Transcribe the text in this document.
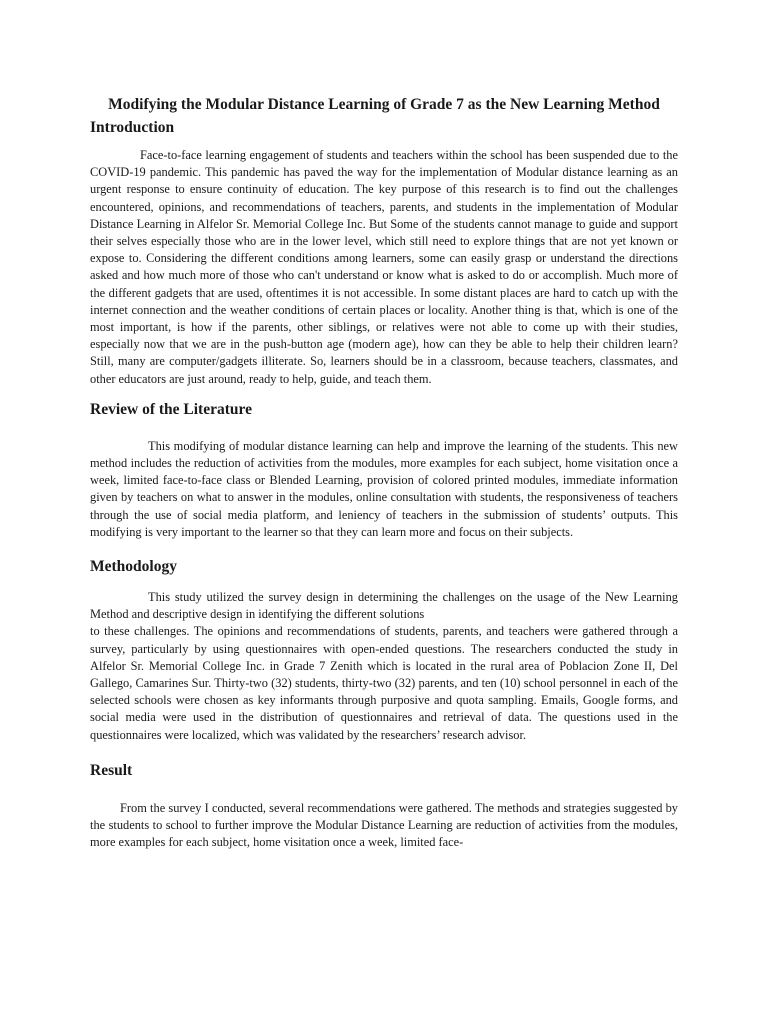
Modifying the Modular Distance Learning of Grade 7 as the New Learning Method
Introduction

Face-to-face learning engagement of students and teachers within the school has been suspended due to the COVID-19 pandemic. This pandemic has paved the way for the implementation of Modular distance learning as an urgent response to ensure continuity of education. The key purpose of this research is to find out the challenges encountered, opinions, and recommendations of teachers, parents, and students in the implementation of Modular Distance Learning in Alfelor Sr. Memorial College Inc. But Some of the students cannot manage to guide and support their selves especially those who are in the lower level, which still need to explore things that are not yet known or expose to. Considering the different conditions among learners, some can easily grasp or understand the directions asked and how much more of those who can't understand or know what is asked to do or accomplish. Much more of the different gadgets that are used, oftentimes it is not accessible. In some distant places are hard to catch up with the internet connection and the weather conditions of certain places or locality. Another thing is that, which is one of the most important, is how if the parents, other siblings, or relatives were not able to come up with their studies, especially now that we are in the push-button age (modern age), how can they be able to help their children learn? Still, many are computer/gadgets illiterate. So, learners should be in a classroom, because teachers, classmates, and other educators are just around, ready to help, guide, and teach them.

Review of the Literature

This modifying of modular distance learning can help and improve the learning of the students. This new method includes the reduction of activities from the modules, more examples for each subject, home visitation once a week, limited face-to-face class or Blended Learning, provision of colored printed modules, immediate information given by teachers on what to answer in the modules, online consultation with students, the responsiveness of teachers through the use of social media platform, and leniency of teachers in the submission of students’ outputs. This modifying is very important to the learner so that they can learn more and focus on their subjects.

Methodology

This study utilized the survey design in determining the challenges on the usage of the New Learning Method and descriptive design in identifying the different solutions

to these challenges. The opinions and recommendations of students, parents, and teachers were gathered through a survey, particularly by using questionnaires with open-ended questions. The researchers conducted the study in Alfelor Sr. Memorial College Inc. in Grade 7 Zenith which is located in the rural area of Poblacion Zone II, Del Gallego, Camarines Sur. Thirty-two (32) students, thirty-two (32) parents, and ten (10) school personnel in each of the selected schools were chosen as key informants through purposive and quota sampling. Emails, Google forms, and social media were used in the distribution of questionnaires and retrieval of data. The questions used in the questionnaires were localized, which was validated by the researchers’ research advisor.

Result

From the survey I conducted, several recommendations were gathered. The methods and strategies suggested by the students to school to further improve the Modular Distance Learning are reduction of activities from the modules, more examples for each subject, home visitation once a week, limited face-
